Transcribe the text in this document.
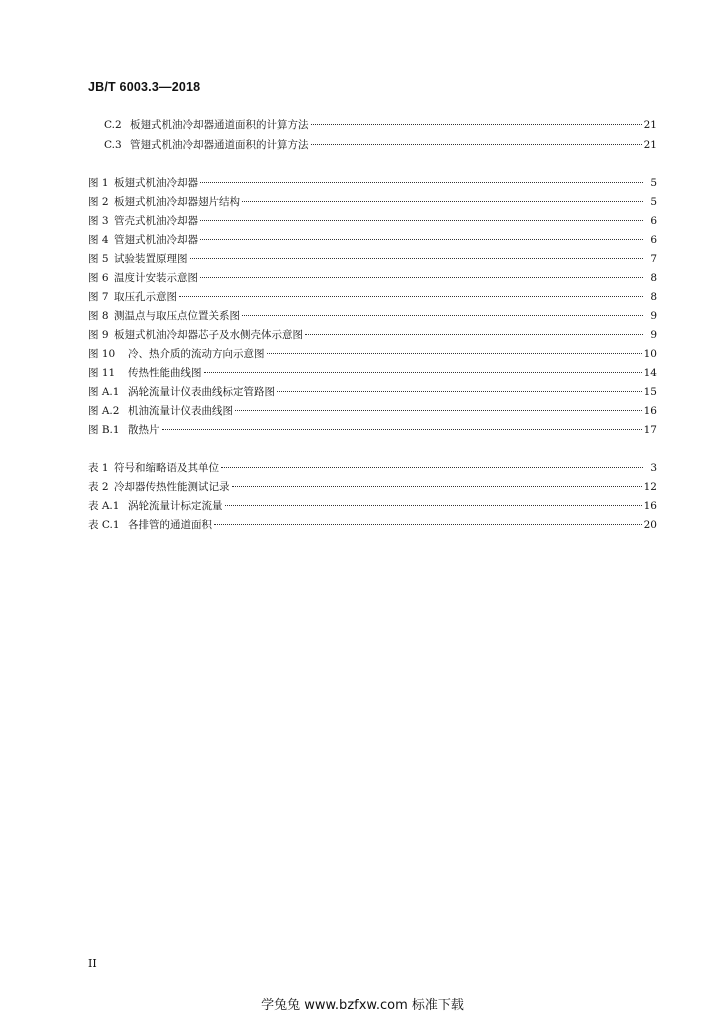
JB/T 6003.3—2018
C.2 板翅式机油冷却器通道面积的计算方法	21
C.3 管翅式机油冷却器通道面积的计算方法	21
图 1 板翅式机油冷却器	5
图 2 板翅式机油冷却器翅片结构	5
图 3 管壳式机油冷却器	6
图 4 管翅式机油冷却器	6
图 5 试验装置原理图	7
图 6 温度计安装示意图	8
图 7 取压孔示意图	8
图 8 测温点与取压点位置关系图	9
图 9 板翅式机油冷却器芯子及水侧壳体示意图	9
图 10	冷、热介质的流动方向示意图	10
图 11	传热性能曲线图	14
图 A.1 涡轮流量计仪表曲线标定管路图	15
图 A.2 机油流量计仪表曲线图	16
图 B.1 散热片	17
表 1 符号和缩略语及其单位	3
表 2 冷却器传热性能测试记录	12
表 A.1 涡轮流量计标定流量	16
表 C.1 各排管的通道面积	20
II
学兔兔 www.bzfxw.com 标准下载
